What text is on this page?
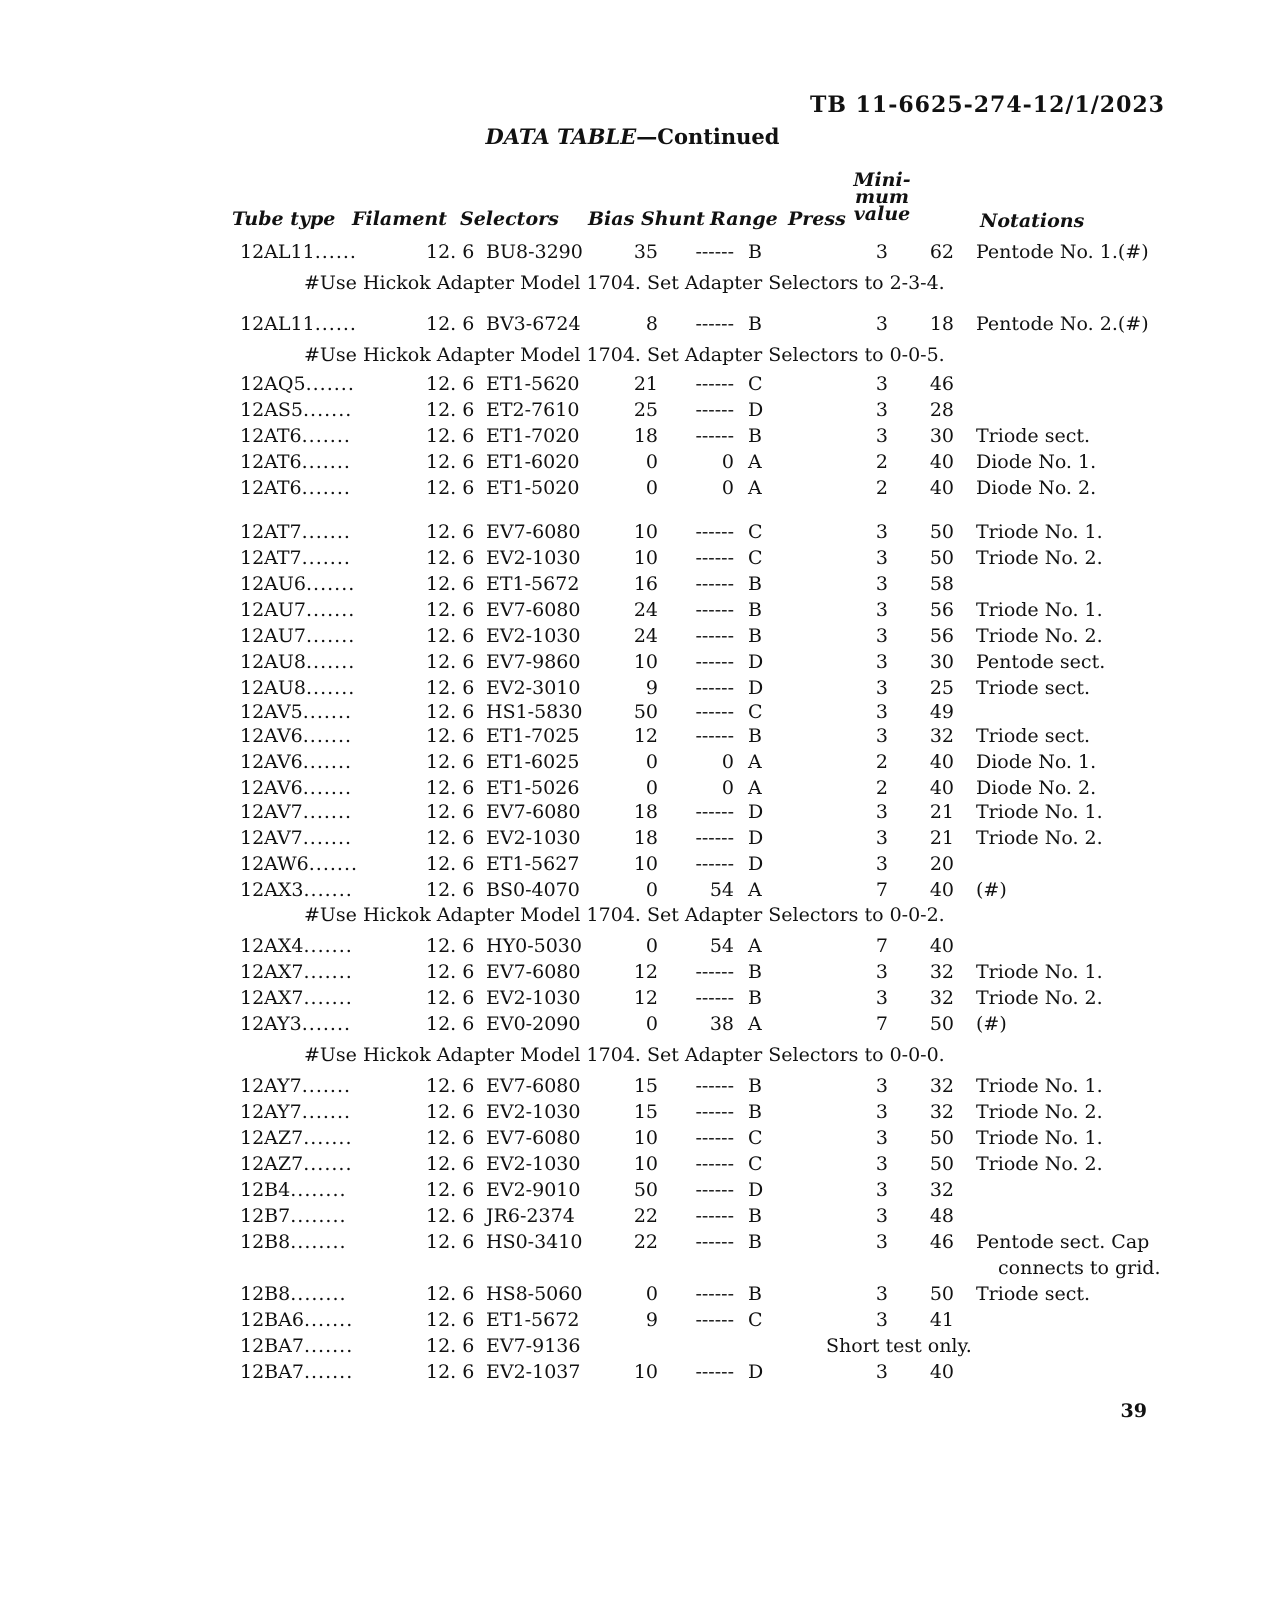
TB 11-6625-274-12/1/2023
DATA TABLE—Continued
Tube type Filament Selectors Bias Shunt Range Press
Mini-
mum
value	Notations
12AL11......	12. 6 BU8-3290	35	------ B	3	62 Pentode No. 1.(#)
#Use Hickok Adapter Model 1704. Set Adapter Selectors to 2-3-4.
12AL11......	12. 6 BV3-6724	8	------ B	3	18 Pentode No. 2.(#)
#Use Hickok Adapter Model 1704. Set Adapter Selectors to 0-0-5.
12AQ5.......	12. 6 ET1-5620	21	------ C	3	46
12AS5.......	12. 6 ET2-7610	25	------ D	3	28
12AT6.......	12. 6 ET1-7020	18	------ B	3	30 Triode sect.
12AT6.......	12. 6 ET1-6020	0	0 A	2	40 Diode No. 1.
12AT6.......	12. 6 ET1-5020	0	0 A	2	40 Diode No. 2.
12AT7.......	12. 6 EV7-6080	10	------ C	3	50 Triode No. 1.
12AT7.......	12. 6 EV2-1030	10	------ C	3	50 Triode No. 2.
12AU6.......	12. 6 ET1-5672	16	------ B	3	58
12AU7.......	12. 6 EV7-6080	24	------ B	3	56 Triode No. 1.
12AU7.......	12. 6 EV2-1030	24	------ B	3	56 Triode No. 2.
12AU8.......	12. 6 EV7-9860	10	------ D	3	30 Pentode sect.
12AU8.......	12. 6 EV2-3010	9	------ D	3	25 Triode sect.
12AV5.......	12. 6 HS1-5830	50	------ C	3	49
12AV6.......	12. 6 ET1-7025	12	------ B	3	32 Triode sect.
12AV6.......	12. 6 ET1-6025	0	0 A	2	40 Diode No. 1.
12AV6.......	12. 6 ET1-5026	0	0 A	2	40 Diode No. 2.
12AV7.......	12. 6 EV7-6080	18	------ D	3	21 Triode No. 1.
12AV7.......	12. 6 EV2-1030	18	------ D	3	21 Triode No. 2.
12AW6.......	12. 6 ET1-5627	10	------ D	3	20
12AX3.......	12. 6 BS0-4070	0	54 A	7	40 (#)
#Use Hickok Adapter Model 1704. Set Adapter Selectors to 0-0-2.
12AX4.......	12. 6 HY0-5030	0	54 A	7	40
12AX7.......	12. 6 EV7-6080	12	------ B	3	32 Triode No. 1.
12AX7.......	12. 6 EV2-1030	12	------ B	3	32 Triode No. 2.
12AY3.......	12. 6 EV0-2090	0	38 A	7	50 (#)
#Use Hickok Adapter Model 1704. Set Adapter Selectors to 0-0-0.
12AY7.......	12. 6 EV7-6080	15	------ B	3	32 Triode No. 1.
12AY7.......	12. 6 EV2-1030	15	------ B	3	32 Triode No. 2.
12AZ7.......	12. 6 EV7-6080	10	------ C	3	50 Triode No. 1.
12AZ7.......	12. 6 EV2-1030	10	------ C	3	50 Triode No. 2.
12B4........	12. 6 EV2-9010	50	------ D	3	32
12B7........	12. 6 JR6-2374	22	------ B	3	48
12B8........	12. 6 HS0-3410	22	------ B	3	46 Pentode sect. Cap
connects to grid.
12B8........	12. 6 HS8-5060	0	------ B	3	50 Triode sect.
12BA6.......	12. 6 ET1-5672	9	------ C	3	41
12BA7.......	12. 6 EV7-9136	Short test only.
12BA7.......	12. 6 EV2-1037	10	------ D	3	40
39
